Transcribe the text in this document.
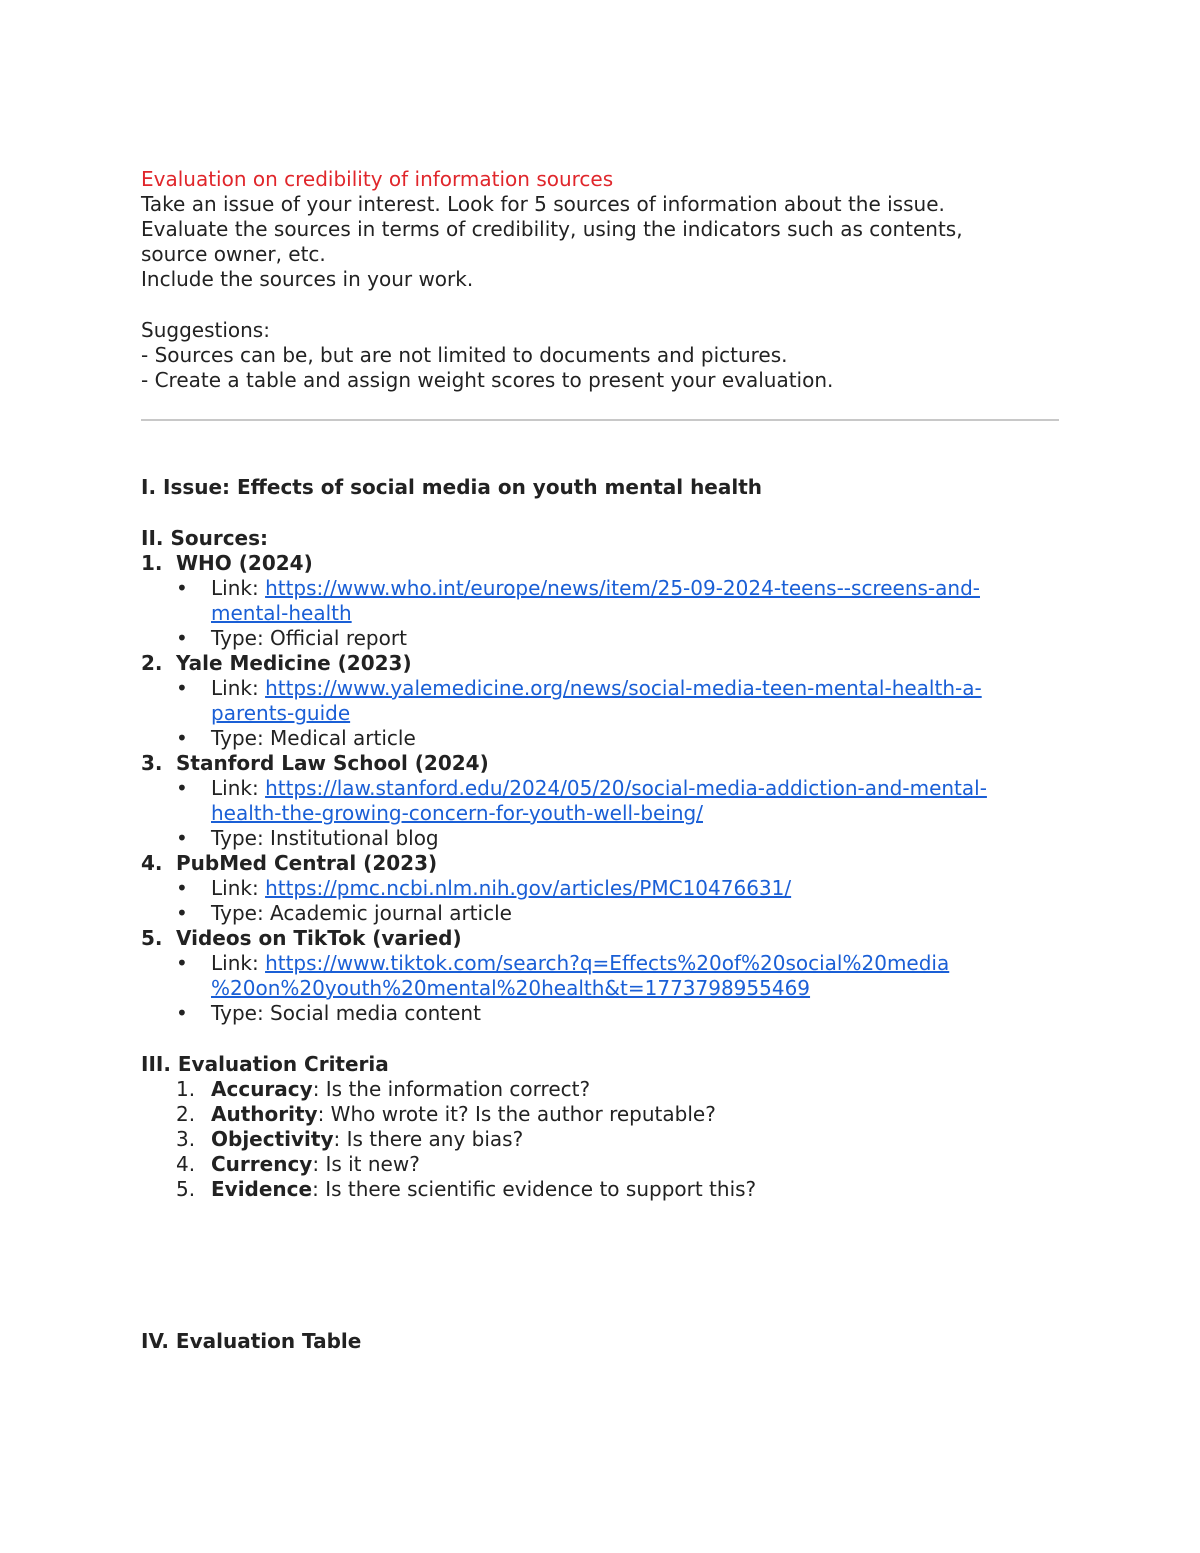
Evaluation on credibility of information sources
Take an issue of your interest. Look for 5 sources of information about the issue.
Evaluate the sources in terms of credibility, using the indicators such as contents,
source owner, etc.
Include the sources in your work.
Suggestions:
- Sources can be, but are not limited to documents and pictures.
- Create a table and assign weight scores to present your evaluation.
I. Issue: Effects of social media on youth mental health
II. Sources:
1. WHO (2024)
•	Link: https://www.who.int/europe/news/item/25-09-2024-teens--screens-and-
mental-health
•	Type: Official report
2. Yale Medicine (2023)
•	Link: https://www.yalemedicine.org/news/social-media-teen-mental-health-a-
parents-guide
•	Type: Medical article
3. Stanford Law School (2024)
•	Link: https://law.stanford.edu/2024/05/20/social-media-addiction-and-mental-
health-the-growing-concern-for-youth-well-being/
•	Type: Institutional blog
4. PubMed Central (2023)
•	Link: https://pmc.ncbi.nlm.nih.gov/articles/PMC10476631/
•	Type: Academic journal article
5. Videos on TikTok (varied)
•	Link: https://www.tiktok.com/search?q=Effects%20of%20social%20media
%20on%20youth%20mental%20health&t=1773798955469
•	Type: Social media content
III. Evaluation Criteria
1. Accuracy: Is the information correct?
2. Authority: Who wrote it? Is the author reputable?
3. Objectivity: Is there any bias?
4. Currency: Is it new?
5. Evidence: Is there scientific evidence to support this?
IV. Evaluation Table
